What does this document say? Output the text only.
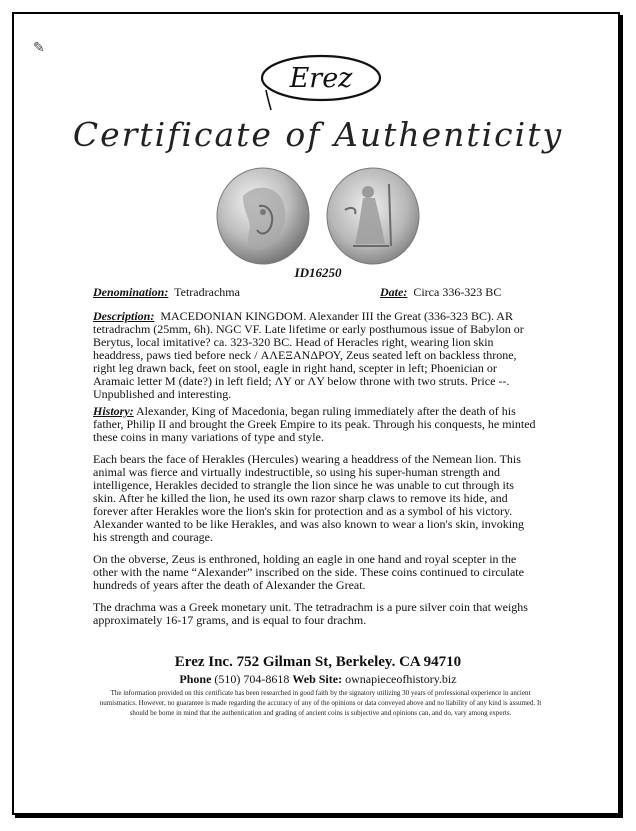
✎
Erez
Certificate of Authenticity
ID16250
Denomination: Tetradrachma	Date: Circa 336-323 BC

Description: MACEDONIAN KINGDOM. Alexander III the Great (336-323 BC). AR tetradrachm (25mm, 6h). NGC VF. Late lifetime or early posthumous issue of Babylon or Berytus, local imitative? ca. 323-320 BC. Head of Heracles right, wearing lion skin headdress, paws tied before neck / ΑΛΕΞΑΝΔΡΟΥ, Zeus seated left on backless throne, right leg drawn back, feet on stool, eagle in right hand, scepter in left; Phoenician or Aramaic letter M (date?) in left field; ΛY or ΛY below throne with two struts. Price --. Unpublished and interesting.

History: Alexander, King of Macedonia, began ruling immediately after the death of his father, Philip II and brought the Greek Empire to its peak. Through his conquests, he minted these coins in many variations of type and style.

Each bears the face of Herakles (Hercules) wearing a headdress of the Nemean lion. This animal was fierce and virtually indestructible, so using his super-human strength and intelligence, Herakles decided to strangle the lion since he was unable to cut through its skin. After he killed the lion, he used its own razor sharp claws to remove its hide, and forever after Herakles wore the lion's skin for protection and as a symbol of his victory. Alexander wanted to be like Herakles, and was also known to wear a lion's skin, invoking his strength and courage.

On the obverse, Zeus is enthroned, holding an eagle in one hand and royal scepter in the other with the name “Alexander” inscribed on the side. These coins continued to circulate hundreds of years after the death of Alexander the Great.

The drachma was a Greek monetary unit. The tetradrachm is a pure silver coin that weighs approximately 16-17 grams, and is equal to four drachm.

Erez Inc. 752 Gilman St, Berkeley. CA 94710
Phone (510) 704-8618 Web Site: ownapieceofhistory.biz
The information provided on this certificate has been researched in good faith by the signatory utilizing 30 years of professional experience in ancient numismatics. However, no guarantee is made regarding the accuracy of any of the opinions or data conveyed above and no liability of any kind is assumed. It should be borne in mind that the authentication and grading of ancient coins is subjective and opinions can, and do, vary among experts.
